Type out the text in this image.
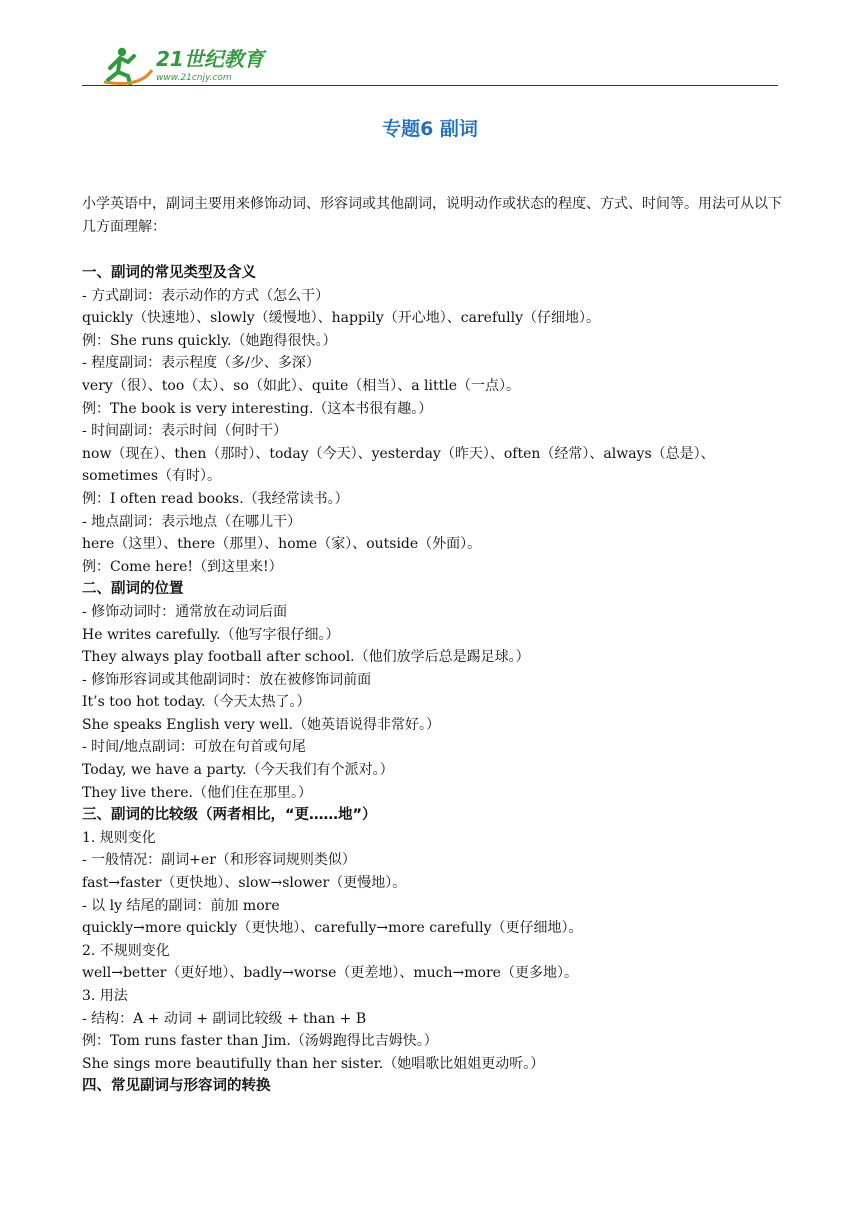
21世纪教育
www.21cnjy.com
专题6 副词
小学英语中，副词主要用来修饰动词、形容词或其他副词，说明动作或状态的程度、方式、时间等。用法可从以下几方面理解：
一、副词的常见类型及含义
- 方式副词：表示动作的方式（怎么干）
quickly（快速地）、slowly（缓慢地）、happily（开心地）、carefully（仔细地）。
例：She runs quickly.（她跑得很快。）
- 程度副词：表示程度（多/少、多深）
very（很）、too（太）、so（如此）、quite（相当）、a little（一点）。
例：The book is very interesting.（这本书很有趣。）
- 时间副词：表示时间（何时干）
now（现在）、then（那时）、today（今天）、yesterday（昨天）、often（经常）、always（总是）、sometimes（有时）。
例：I often read books.（我经常读书。）
- 地点副词：表示地点（在哪儿干）
here（这里）、there（那里）、home（家）、outside（外面）。
例：Come here!（到这里来!）
二、副词的位置
- 修饰动词时：通常放在动词后面
He writes carefully.（他写字很仔细。）
They always play football after school.（他们放学后总是踢足球。）
- 修饰形容词或其他副词时：放在被修饰词前面
It’s too hot today.（今天太热了。）
She speaks English very well.（她英语说得非常好。）
- 时间/地点副词：可放在句首或句尾
Today, we have a party.（今天我们有个派对。）
They live there.（他们住在那里。）
三、副词的比较级（两者相比，“更……地”）
1. 规则变化
- 一般情况：副词+er（和形容词规则类似）
fast→faster（更快地）、slow→slower（更慢地）。
- 以 ly 结尾的副词：前加 more
quickly→more quickly（更快地）、carefully→more carefully（更仔细地）。
2. 不规则变化
well→better（更好地）、badly→worse（更差地）、much→more（更多地）。
3. 用法
- 结构：A + 动词 + 副词比较级 + than + B
例：Tom runs faster than Jim.（汤姆跑得比吉姆快。）
She sings more beautifully than her sister.（她唱歌比姐姐更动听。）
四、常见副词与形容词的转换
